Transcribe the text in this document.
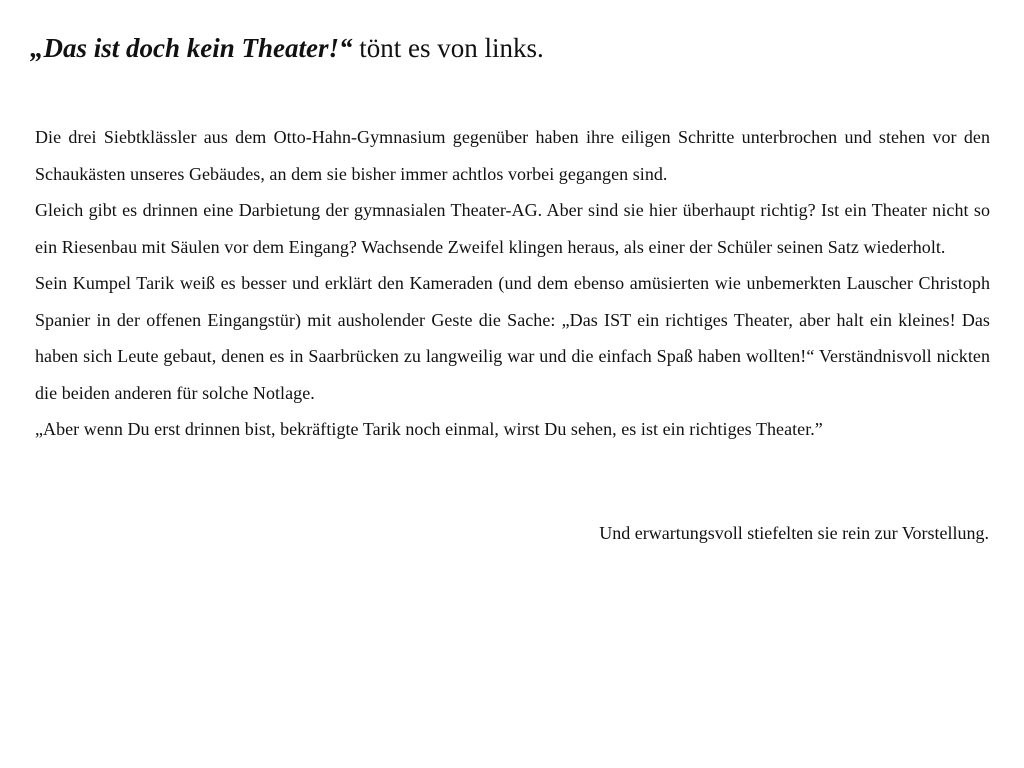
„Das ist doch kein Theater!“ tönt es von links.

Die drei Siebtklässler aus dem Otto-Hahn-Gymnasium gegenüber haben ihre eiligen Schritte unterbrochen und stehen vor den Schaukästen unseres Gebäudes, an dem sie bisher immer achtlos vorbei gegangen sind.

Gleich gibt es drinnen eine Darbietung der gymnasialen Theater-AG. Aber sind sie hier überhaupt richtig? Ist ein Theater nicht so ein Riesenbau mit Säulen vor dem Eingang? Wachsende Zweifel klingen heraus, als einer der Schüler seinen Satz wiederholt.

Sein Kumpel Tarik weiß es besser und erklärt den Kameraden (und dem ebenso amüsierten wie unbemerkten Lauscher Christoph Spanier in der offenen Eingangstür) mit ausholender Geste die Sache: „Das IST ein richtiges Theater, aber halt ein kleines! Das haben sich Leute gebaut, denen es in Saarbrücken zu langweilig war und die einfach Spaß haben wollten!“ Verständnisvoll nickten die beiden anderen für solche Notlage.

„Aber wenn Du erst drinnen bist, bekräftigte Tarik noch einmal, wirst Du sehen, es ist ein richtiges Theater.”

Und erwartungsvoll stiefelten sie rein zur Vorstellung.
